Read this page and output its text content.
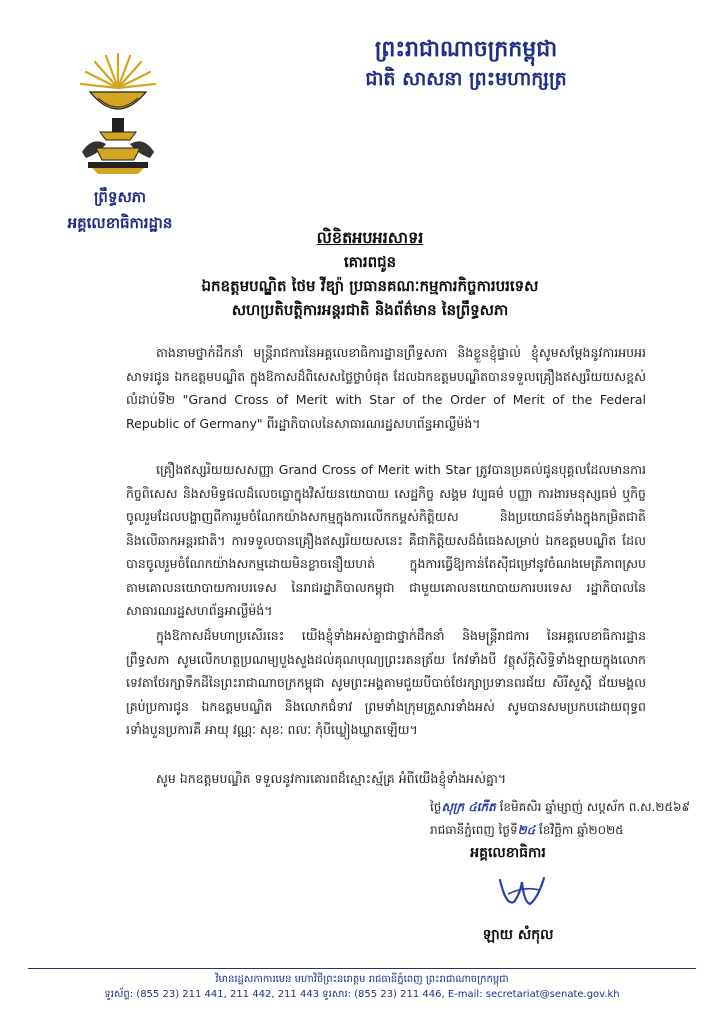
ព្រះរាជាណាចក្រកម្ពុជា
ជាតិ សាសនា ព្រះមហាក្សត្រ
ព្រឹទ្ធសភា
អគ្គលេខាធិការដ្ឋាន
លិខិតអបអរសាទរ
គោរពជូន
ឯកឧត្តមបណ្ឌិត ថៃម វីឌ្យ៉ា ប្រធានគណៈកម្មការកិច្ចការបរទេស
សហប្រតិបត្តិការអន្តរជាតិ និងព័ត៌មាន នៃព្រឹទ្ធសភា
តាងនាមថ្នាក់ដឹកនាំ មន្ត្រីរាជការនៃអគ្គលេខាធិការដ្ឋានព្រឹទ្ធសភា និងខ្លួនខ្ញុំផ្ទាល់ ខ្ញុំសូមសម្តែងនូវការអបអរសាទរជូន ឯកឧត្តមបណ្ឌិត ក្នុងឱកាសដ៏ពិសេសថ្លៃថ្លាបំផុត ដែលឯកឧត្តមបណ្ឌិតបានទទួលគ្រឿងឥស្សរិយយសខ្ពស់លំដាប់ទី២ "Grand Cross of Merit with Star of the Order of Merit of the Federal Republic of Germany" ពីរដ្ឋាភិបាលនៃសាធារណរដ្ឋសហព័ន្ធអាល្លឺម៉ង់។
គ្រឿងឥស្សរិយយសសញ្ញា Grand Cross of Merit with Star ត្រូវបានប្រគល់ជូនបុគ្គលដែលមានការកិច្ចពិសេស និងសមិទ្ធផលដ៏លេចធ្លោក្នុងវិស័យនយោបាយ សេដ្ឋកិច្ច សង្គម វប្បធម៌ បញ្ញា ការងារមនុស្សធម៌ ឬកិច្ចចូលរួមដែលបង្ហាញពីការរួមចំណែកយ៉ាងសកម្មក្នុងការលើកកម្ពស់កិត្តិយស និងប្រយោជន៍ទាំងក្នុងកម្រិតជាតិ និងលើឆាកអន្តរជាតិ។ ការទទួលបានគ្រឿងឥស្សរិយយសនេះ គឺជាកិត្តិយសដ៏ធំធេងសម្រាប់ ឯកឧត្តមបណ្ឌិត ដែលបានចូលរួមចំណែកយ៉ាងសកម្មដោយមិនខ្លាចនឿយហត់ ក្នុងការធ្វើឱ្យកាន់តែស៊ីជម្រៅនូវចំណងមេត្រីភាពស្របតាមគោលនយោបាយការបរទេស នៃរាជរដ្ឋាភិបាលកម្ពុជា ជាមួយគោលនយោបាយការបរទេស រដ្ឋាភិបាលនៃសាធារណរដ្ឋសហព័ន្ធអាល្លឺម៉ង់។
ក្នុងឱកាសដ៏មហាប្រសើរនេះ យើងខ្ញុំទាំងអស់គ្នាជាថ្នាក់ដឹកនាំ និងមន្ត្រីរាជការ នៃអគ្គលេខាធិការដ្ឋានព្រឹទ្ធសភា សូមលើកហត្ថប្រណម្យបួងសួងដល់គុណបុណ្យព្រះរតនត្រ័យ កែវទាំងបី វត្ថុស័ក្តិសិទ្ធិទាំងឡាយក្នុងលោក ទេវតាថែរក្សាទឹកដីនៃព្រះរាជាណាចក្រកម្ពុជា សូមព្រះអង្គតាមជួយបីបាច់ថែរក្សាប្រទានពរជ័យ សិរីសួស្តី ជ័យមង្គលគ្រប់ប្រការជូន ឯកឧត្តមបណ្ឌិត និងលោកជំទាវ ព្រមទាំងក្រុមគ្រួសារទាំងអស់ សូមបានសមប្រកបដោយពុទ្ធពរទាំងបួនប្រការគឺ អាយុ វណ្ណៈ សុខៈ ពលៈ កុំបីឃ្លៀងឃ្លាតឡើយ។
សូម ឯកឧត្តមបណ្ឌិត ទទួលនូវការគោរពដ៏ស្មោះស្ម័គ្រ អំពីយើងខ្ញុំទាំងអស់គ្នា។
ថ្ងៃសុក្រ ៤កើត ខែមិគសិរ ឆ្នាំម្សាញ់ សប្តស័ក ព.ស.២៥៦៩
រាជធានីភ្នំពេញ ថ្ងៃទី២៤ ខែវិច្ឆិកា ឆ្នាំ២០២៥
អគ្គលេខាធិការ
ឡាយ សំកុល
វិមានរដ្ឋសភាការមេន មហាវិថីព្រះនរោត្តម រាជធានីភ្នំពេញ ព្រះរាជាណាចក្រកម្ពុជា
ទូរស័ព្ទ: (855 23) 211 441, 211 442, 211 443 ទូរសារ: (855 23) 211 446, E-mail: secretariat@senate.gov.kh
